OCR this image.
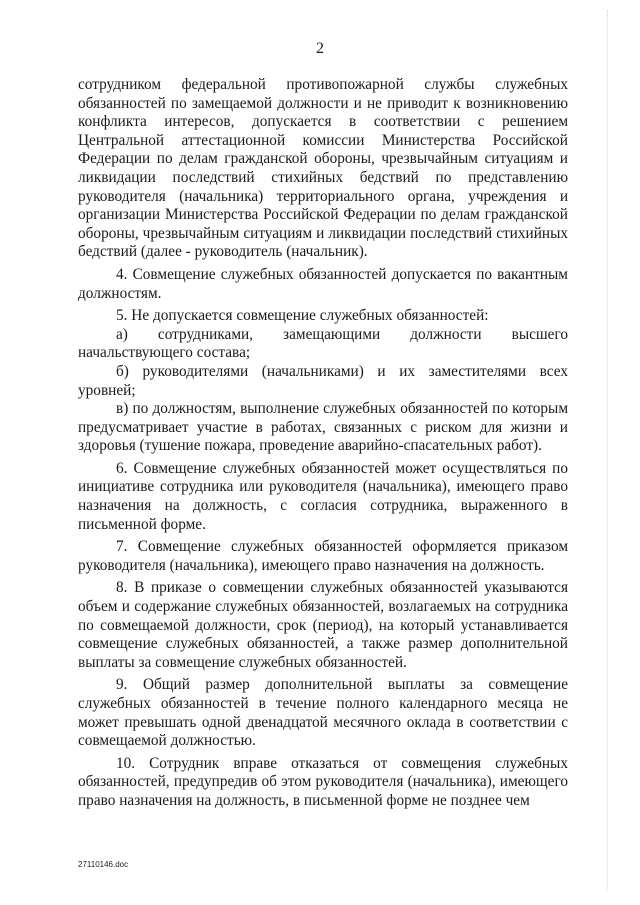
2

сотрудником федеральной противопожарной службы служебных обязанностей по замещаемой должности и не приводит к возникновению конфликта интересов, допускается в соответствии с решением Центральной аттестационной комиссии Министерства Российской Федерации по делам гражданской обороны, чрезвычайным ситуациям и ликвидации последствий стихийных бедствий по представлению руководителя (начальника) территориального органа, учреждения и организации Министерства Российской Федерации по делам гражданской обороны, чрезвычайным ситуациям и ликвидации последствий стихийных бедствий (далее - руководитель (начальник).

4. Совмещение служебных обязанностей допускается по вакантным должностям.

5. Не допускается совмещение служебных обязанностей:

а) сотрудниками, замещающими должности высшего начальствующего состава;

б) руководителями (начальниками) и их заместителями всех уровней;

в) по должностям, выполнение служебных обязанностей по которым предусматривает участие в работах, связанных с риском для жизни и здоровья (тушение пожара, проведение аварийно-спасательных работ).

6. Совмещение служебных обязанностей может осуществляться по инициативе сотрудника или руководителя (начальника), имеющего право назначения на должность, с согласия сотрудника, выраженного в письменной форме.

7. Совмещение служебных обязанностей оформляется приказом руководителя (начальника), имеющего право назначения на должность.

8. В приказе о совмещении служебных обязанностей указываются объем и содержание служебных обязанностей, возлагаемых на сотрудника по совмещаемой должности, срок (период), на который устанавливается совмещение служебных обязанностей, а также размер дополнительной выплаты за совмещение служебных обязанностей.

9. Общий размер дополнительной выплаты за совмещение служебных обязанностей в течение полного календарного месяца не может превышать одной двенадцатой месячного оклада в соответствии с совмещаемой должностью.

10. Сотрудник вправе отказаться от совмещения служебных обязанностей, предупредив об этом руководителя (начальника), имеющего право назначения на должность, в письменной форме не позднее чем

27110146.doc
